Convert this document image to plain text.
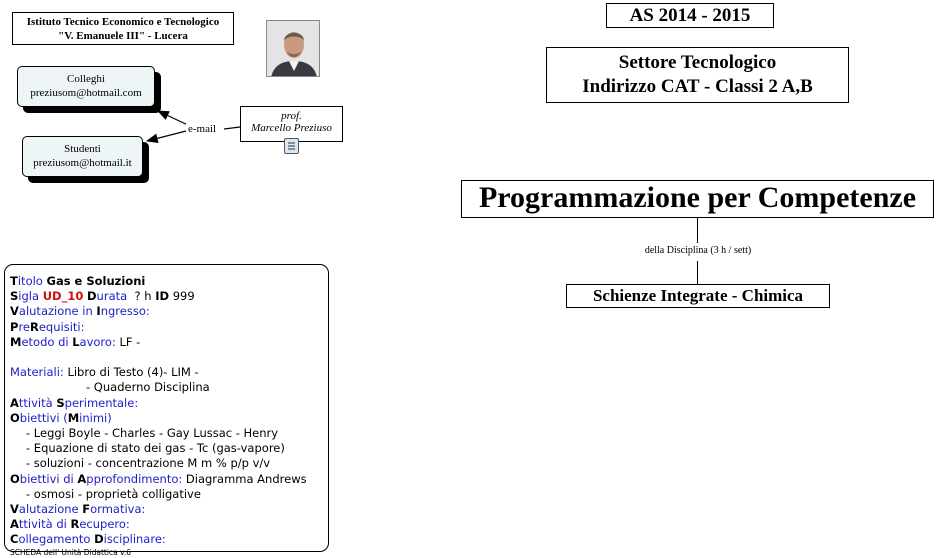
Istituto Tecnico Economico e Tecnologico
"V. Emanuele III" - Lucera
Colleghi
preziusom@hotmail.com
Studenti
preziusom@hotmail.it
e-mail
prof.
Marcello Preziuso
AS 2014 - 2015
Settore Tecnologico
Indirizzo CAT - Classi 2 A,B
Programmazione per Competenze
della Disciplina (3 h / sett)
Schienze Integrate - Chimica
Titolo Gas e Soluzioni
Sigla UD_10 Durata ? h ID 999
Valutazione in Ingresso:
PreRequisiti:
Metodo di Lavoro: LF -

Materiali: Libro di Testo (4)- LIM -
- Quaderno Disciplina
Attività Sperimentale:
Obiettivi (Minimi)
- Leggi Boyle - Charles - Gay Lussac - Henry
- Equazione di stato dei gas - Tc (gas-vapore)
- soluzioni - concentrazione M m % p/p v/v
Obiettivi di Approfondimento: Diagramma Andrews
- osmosi - proprietà colligative
Valutazione Formativa:
Attività di Recupero:
Collegamento Disciplinare:
SCHEDA dell' Unità Didattica v.6
